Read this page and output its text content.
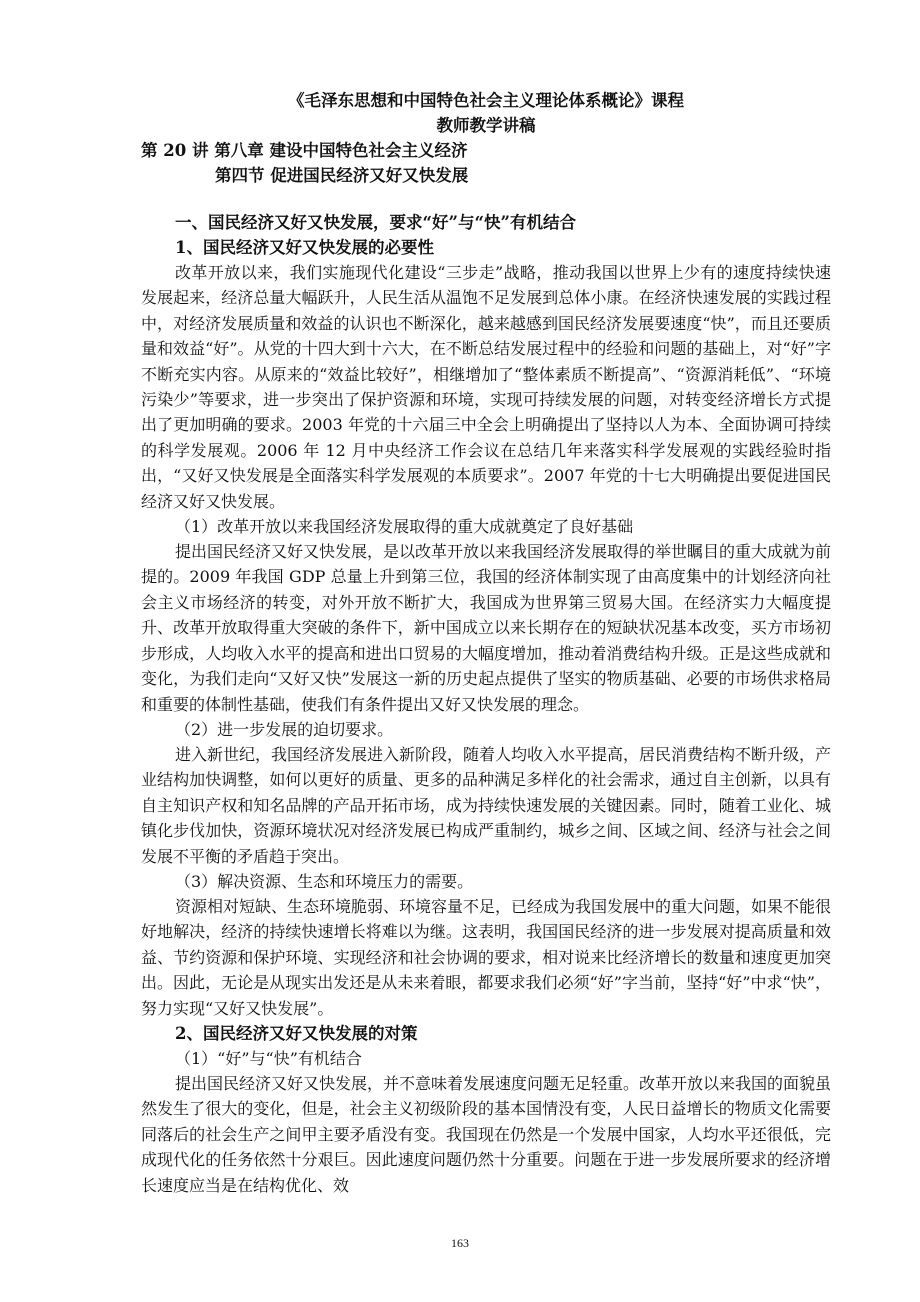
《毛泽东思想和中国特色社会主义理论体系概论》课程

教师教学讲稿

第 20 讲 第八章 建设中国特色社会主义经济

第四节 促进国民经济又好又快发展

一、国民经济又好又快发展，要求“好”与“快”有机结合

1、国民经济又好又快发展的必要性

改革开放以来，我们实施现代化建设“三步走”战略，推动我国以世界上少有的速度持续快速发展起来，经济总量大幅跃升，人民生活从温饱不足发展到总体小康。在经济快速发展的实践过程中，对经济发展质量和效益的认识也不断深化，越来越感到国民经济发展要速度“快”，而且还要质量和效益“好”。从党的十四大到十六大，在不断总结发展过程中的经验和问题的基础上，对“好”字不断充实内容。从原来的“效益比较好”，相继增加了“整体素质不断提高”、“资源消耗低”、“环境污染少”等要求，进一步突出了保护资源和环境，实现可持续发展的问题，对转变经济增长方式提出了更加明确的要求。2003 年党的十六届三中全会上明确提出了坚持以人为本、全面协调可持续的科学发展观。2006 年 12 月中央经济工作会议在总结几年来落实科学发展观的实践经验时指出，“又好又快发展是全面落实科学发展观的本质要求”。2007 年党的十七大明确提出要促进国民经济又好又快发展。

（1）改革开放以来我国经济发展取得的重大成就奠定了良好基础

提出国民经济又好又快发展，是以改革开放以来我国经济发展取得的举世瞩目的重大成就为前提的。2009 年我国 GDP 总量上升到第三位，我国的经济体制实现了由高度集中的计划经济向社会主义市场经济的转变，对外开放不断扩大，我国成为世界第三贸易大国。在经济实力大幅度提升、改革开放取得重大突破的条件下，新中国成立以来长期存在的短缺状况基本改变，买方市场初步形成，人均收入水平的提高和进出口贸易的大幅度增加，推动着消费结构升级。正是这些成就和变化，为我们走向“又好又快”发展这一新的历史起点提供了坚实的物质基础、必要的市场供求格局和重要的体制性基础，使我们有条件提出又好又快发展的理念。

（2）进一步发展的迫切要求。

进入新世纪，我国经济发展进入新阶段，随着人均收入水平提高，居民消费结构不断升级，产业结构加快调整，如何以更好的质量、更多的品种满足多样化的社会需求，通过自主创新，以具有自主知识产权和知名品牌的产品开拓市场，成为持续快速发展的关键因素。同时，随着工业化、城镇化步伐加快，资源环境状况对经济发展已构成严重制约，城乡之间、区域之间、经济与社会之间发展不平衡的矛盾趋于突出。

（3）解决资源、生态和环境压力的需要。

资源相对短缺、生态环境脆弱、环境容量不足，已经成为我国发展中的重大问题，如果不能很好地解决，经济的持续快速增长将难以为继。这表明，我国国民经济的进一步发展对提高质量和效益、节约资源和保护环境、实现经济和社会协调的要求，相对说来比经济增长的数量和速度更加突出。因此，无论是从现实出发还是从未来着眼，都要求我们必须“好”字当前，坚持“好”中求“快”，努力实现“又好又快发展”。

2、国民经济又好又快发展的对策

（1）“好”与“快”有机结合

提出国民经济又好又快发展，并不意味着发展速度问题无足轻重。改革开放以来我国的面貌虽然发生了很大的变化，但是，社会主义初级阶段的基本国情没有变，人民日益增长的物质文化需要同落后的社会生产之间甲主要矛盾没有变。我国现在仍然是一个发展中国家，人均水平还很低，完成现代化的任务依然十分艰巨。因此速度问题仍然十分重要。问题在于进一步发展所要求的经济增长速度应当是在结构优化、效

163
